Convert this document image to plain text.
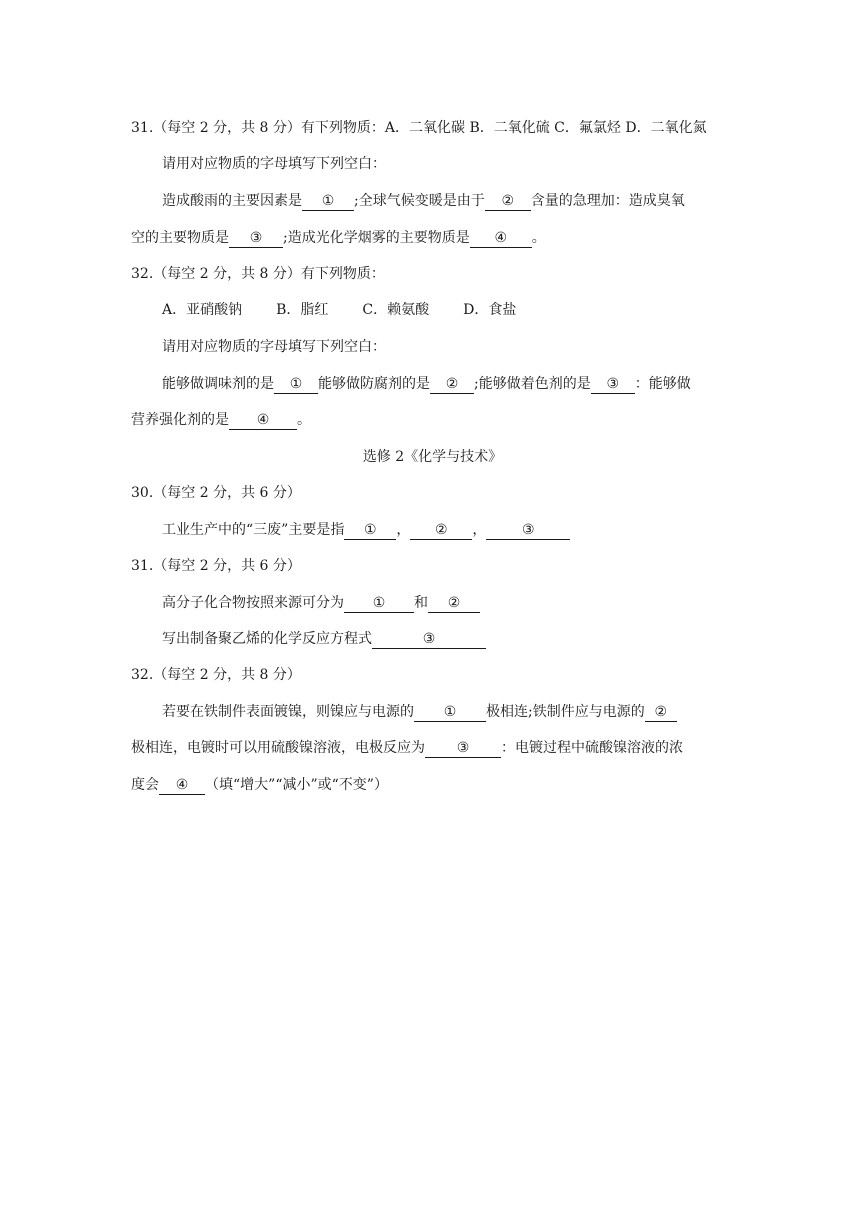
31.（每空 2 分，共 8 分）有下列物质：A．二氧化碳 B．二氧化硫 C．氟氯烃 D．二氧化氮
请用对应物质的字母填写下列空白：
造成酸雨的主要因素是 ① ;全球气候变暖是由于 ② 含量的急理加：造成臭氧
空的主要物质是 ③ ;造成光化学烟雾的主要物质是 ④ 。
32.（每空 2 分，共 8 分）有下列物质：
A．亚硝酸钠 B．脂红 C．赖氨酸 D．食盐
请用对应物质的字母填写下列空白：
能够做调味剂的是 ① 能够做防腐剂的是 ② ;能够做着色剂的是 ③ ：能够做
营养强化剂的是 ④ 。
选修 2《化学与技术》
30.（每空 2 分，共 6 分）
工业生产中的“三废”主要是指 ① ， ② ，	③
31.（每空 2 分，共 6 分）
高分子化合物按照来源可分为 ① 和 ②
写出制备聚乙烯的化学反应方程式	③
32.（每空 2 分，共 8 分）
若要在铁制件表面镀镍，则镍应与电源的 ① 极相连;铁制件应与电源的 ②
极相连，电镀时可以用硫酸镍溶液，电极反应为 ③ ：电镀过程中硫酸镍溶液的浓
度会 ④ （填“增大”“减小”或“不变”）
